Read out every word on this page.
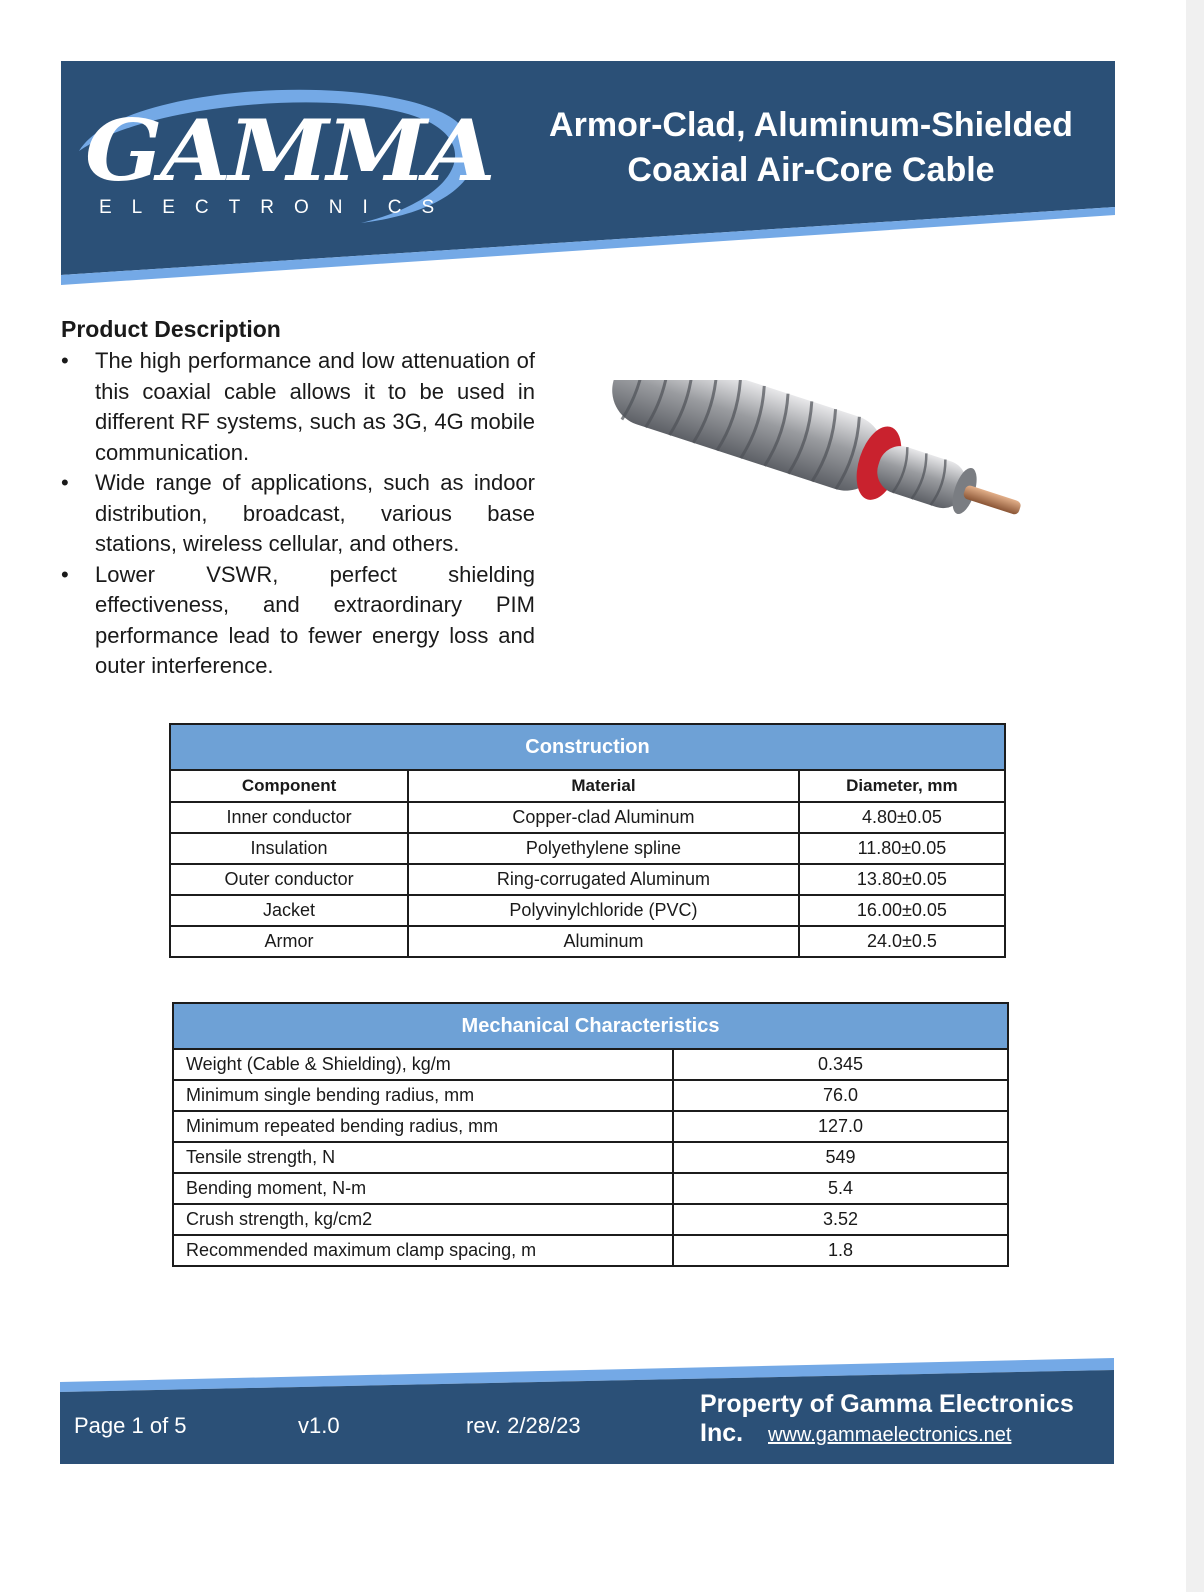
GAMMA
ELECTRONICS
Armor-Clad, Aluminum-Shielded
Coaxial Air-Core Cable
Product Description
• The high performance and low attenuation of this coaxial cable allows it to be used in different RF systems, such as 3G, 4G mobile communication.
• Wide range of applications, such as indoor distribution, broadcast, various base stations, wireless cellular, and others.
• Lower VSWR, perfect shielding effectiveness, and extraordinary PIM performance lead to fewer energy loss and outer interference.
Construction
Component	Material	Diameter, mm
Inner conductor	Copper-clad Aluminum	4.80±0.05
Insulation	Polyethylene spline	11.80±0.05
Outer conductor	Ring-corrugated Aluminum	13.80±0.05
Jacket	Polyvinylchloride (PVC)	16.00±0.05
Armor	Aluminum	24.0±0.5
Mechanical Characteristics
Weight (Cable & Shielding), kg/m	0.345
Minimum single bending radius, mm	76.0
Minimum repeated bending radius, mm	127.0
Tensile strength, N	549
Bending moment, N-m	5.4
Crush strength, kg/cm2	3.52
Recommended maximum clamp spacing, m	1.8
Page 1 of 5	v1.0	rev. 2/28/23
Property of Gamma Electronics Inc.	www.gammaelectronics.net
